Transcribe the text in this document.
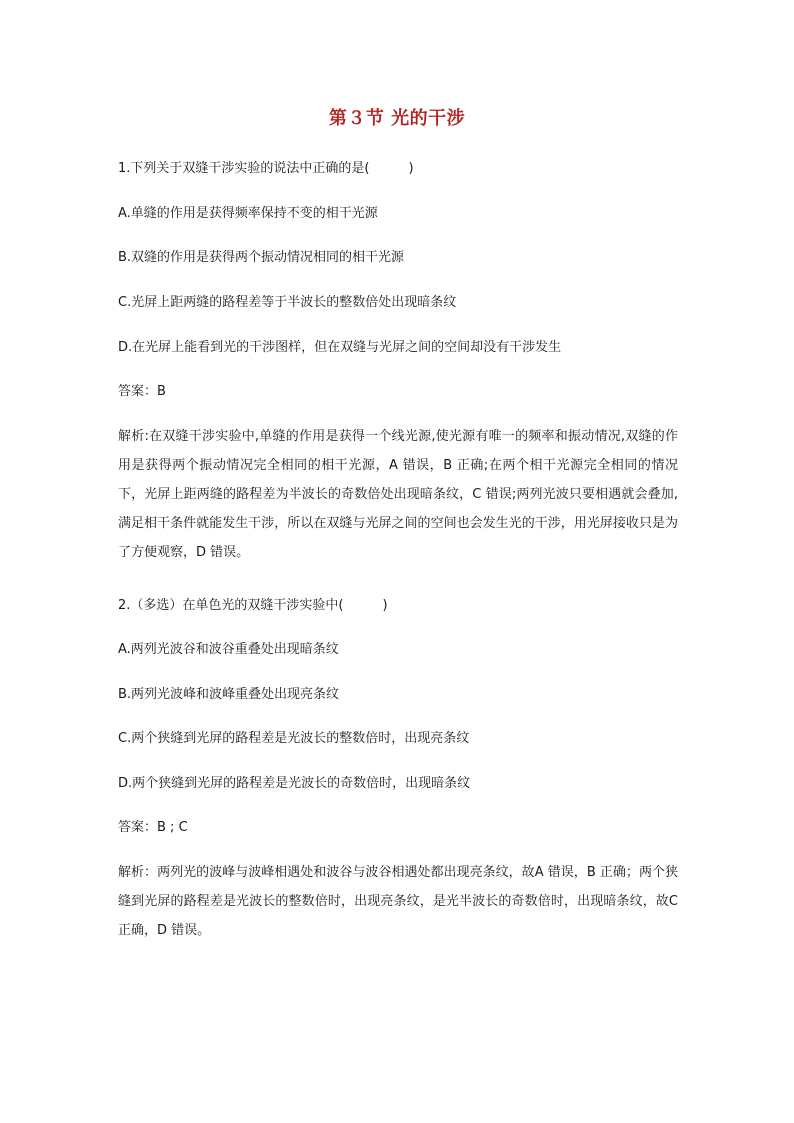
第３节 光的干涉
1.下列关于双缝干涉实验的说法中正确的是(　　　)
A.单缝的作用是获得频率保持不变的相干光源
B.双缝的作用是获得两个振动情况相同的相干光源
C.光屏上距两缝的路程差等于半波长的整数倍处出现暗条纹
D.在光屏上能看到光的干涉图样，但在双缝与光屏之间的空间却没有干涉发生
答案：B
解析:在双缝干涉实验中,单缝的作用是获得一个线光源,使光源有唯一的频率和振动情况,双缝的作用是获得两个振动情况完全相同的相干光源，A 错误，B 正确;在两个相干光源完全相同的情况下，光屏上距两缝的路程差为半波长的奇数倍处出现暗条纹，C 错误;两列光波只要相遇就会叠加,满足相干条件就能发生干涉，所以在双缝与光屏之间的空间也会发生光的干涉，用光屏接收只是为了方便观察，D 错误。
2.（多选）在单色光的双缝干涉实验中(　　　)
A.两列光波谷和波谷重叠处出现暗条纹
B.两列光波峰和波峰重叠处出现亮条纹
C.两个狭缝到光屏的路程差是光波长的整数倍时，出现亮条纹
D.两个狭缝到光屏的路程差是光波长的奇数倍时，出现暗条纹
答案：B ; C
解析：两列光的波峰与波峰相遇处和波谷与波谷相遇处都出现亮条纹，故A 错误，B 正确；两个狭缝到光屏的路程差是光波长的整数倍时，出现亮条纹，是光半波长的奇数倍时，出现暗条纹，故C 正确，D 错误。
